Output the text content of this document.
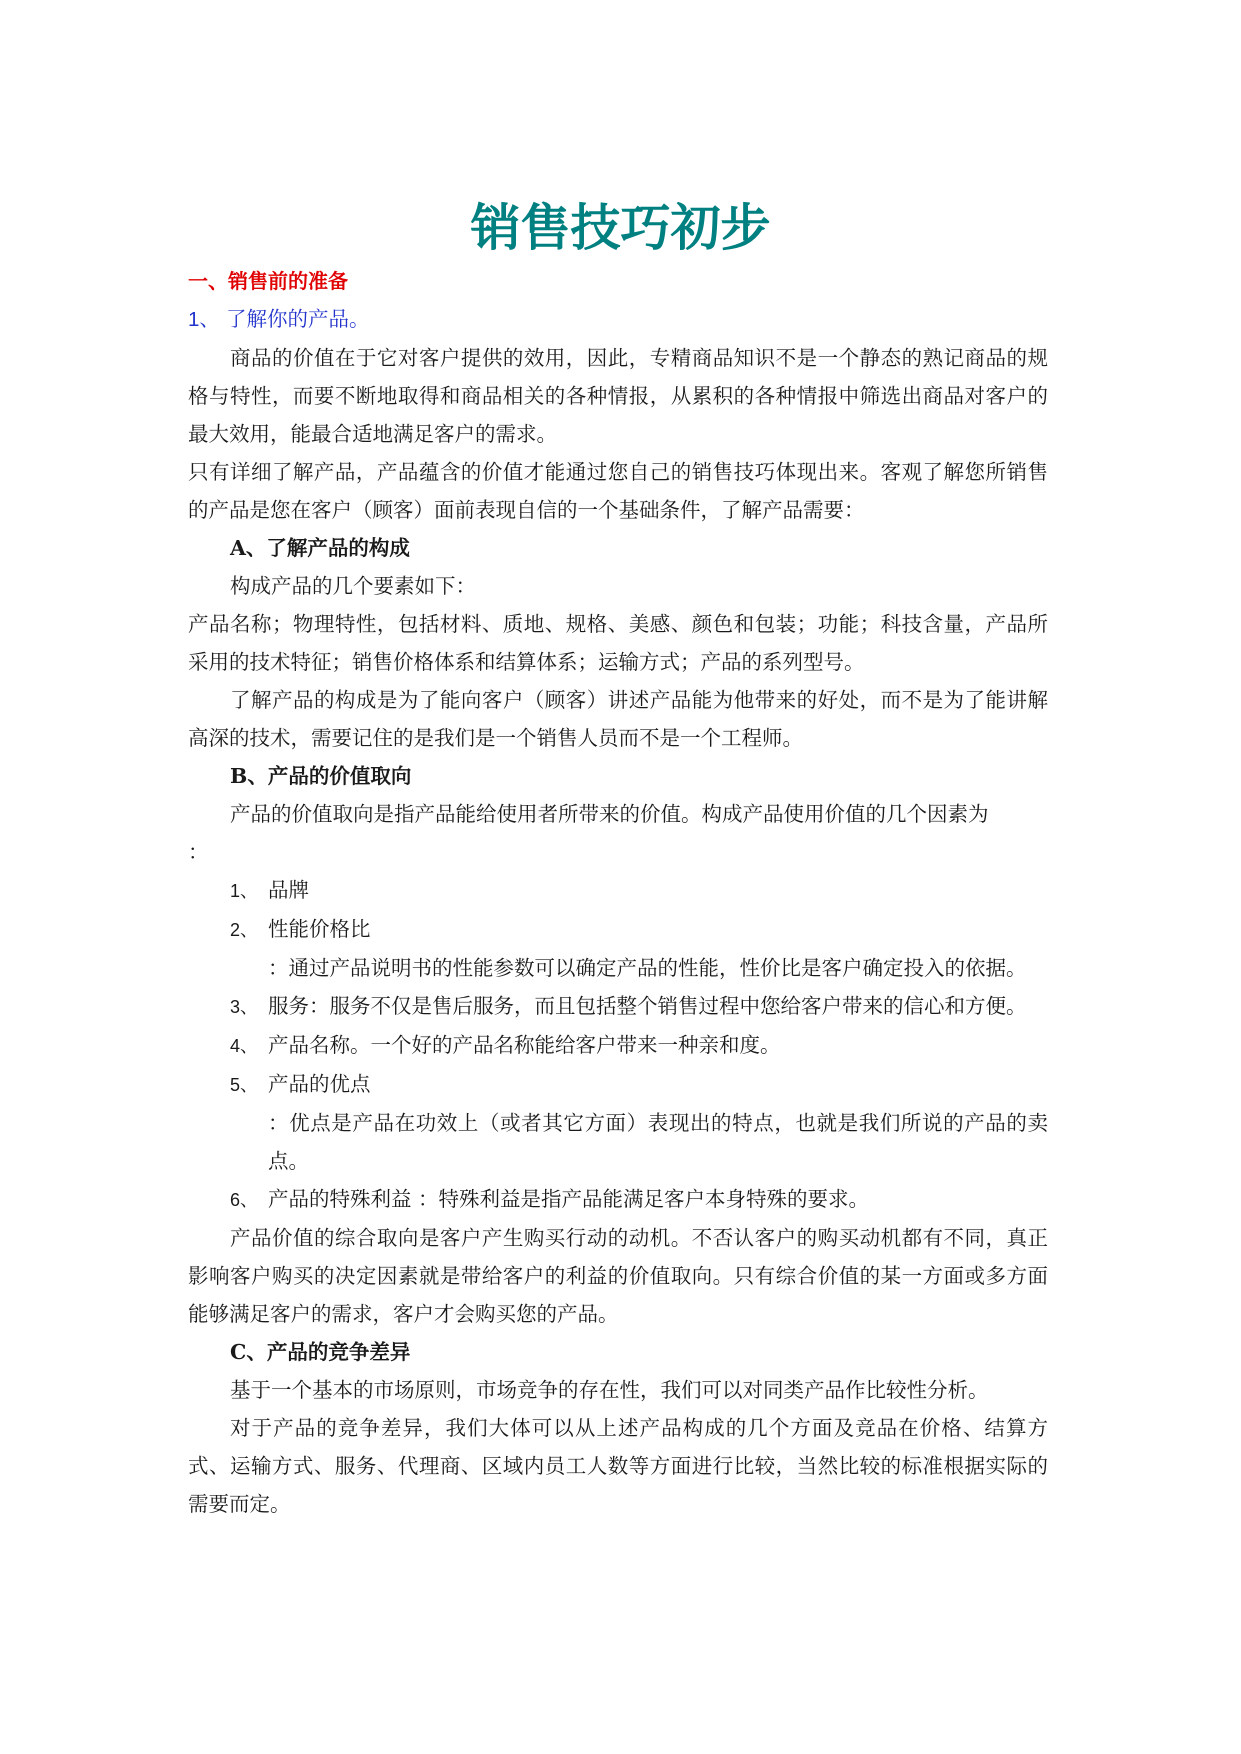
销售技巧初步

一、销售前的准备

1、 了解你的产品。

商品的价值在于它对客户提供的效用，因此，专精商品知识不是一个静态的熟记商品的规格与特性，而要不断地取得和商品相关的各种情报，从累积的各种情报中筛选出商品对客户的最大效用，能最合适地满足客户的需求。

只有详细了解产品，产品蕴含的价值才能通过您自己的销售技巧体现出来。客观了解您所销售的产品是您在客户（顾客）面前表现自信的一个基础条件，了解产品需要：

A、了解产品的构成

构成产品的几个要素如下：

产品名称；物理特性，包括材料、质地、规格、美感、颜色和包装；功能；科技含量，产品所采用的技术特征；销售价格体系和结算体系；运输方式；产品的系列型号。

了解产品的构成是为了能向客户（顾客）讲述产品能为他带来的好处，而不是为了能讲解高深的技术，需要记住的是我们是一个销售人员而不是一个工程师。

B、产品的价值取向

产品的价值取向是指产品能给使用者所带来的价值。构成产品使用价值的几个因素为

：

1、 品牌

2、 性能价格比

：通过产品说明书的性能参数可以确定产品的性能，性价比是客户确定投入的依据。

3、 服务：服务不仅是售后服务，而且包括整个销售过程中您给客户带来的信心和方便。

4、 产品名称。一个好的产品名称能给客户带来一种亲和度。

5、 产品的优点

：优点是产品在功效上（或者其它方面）表现出的特点，也就是我们所说的产品的卖点。

6、 产品的特殊利益 ：特殊利益是指产品能满足客户本身特殊的要求。

产品价值的综合取向是客户产生购买行动的动机。不否认客户的购买动机都有不同，真正影响客户购买的决定因素就是带给客户的利益的价值取向。只有综合价值的某一方面或多方面能够满足客户的需求，客户才会购买您的产品。

C、产品的竞争差异

基于一个基本的市场原则，市场竞争的存在性，我们可以对同类产品作比较性分析。

对于产品的竞争差异，我们大体可以从上述产品构成的几个方面及竞品在价格、结算方式、运输方式、服务、代理商、区域内员工人数等方面进行比较，当然比较的标准根据实际的需要而定。
